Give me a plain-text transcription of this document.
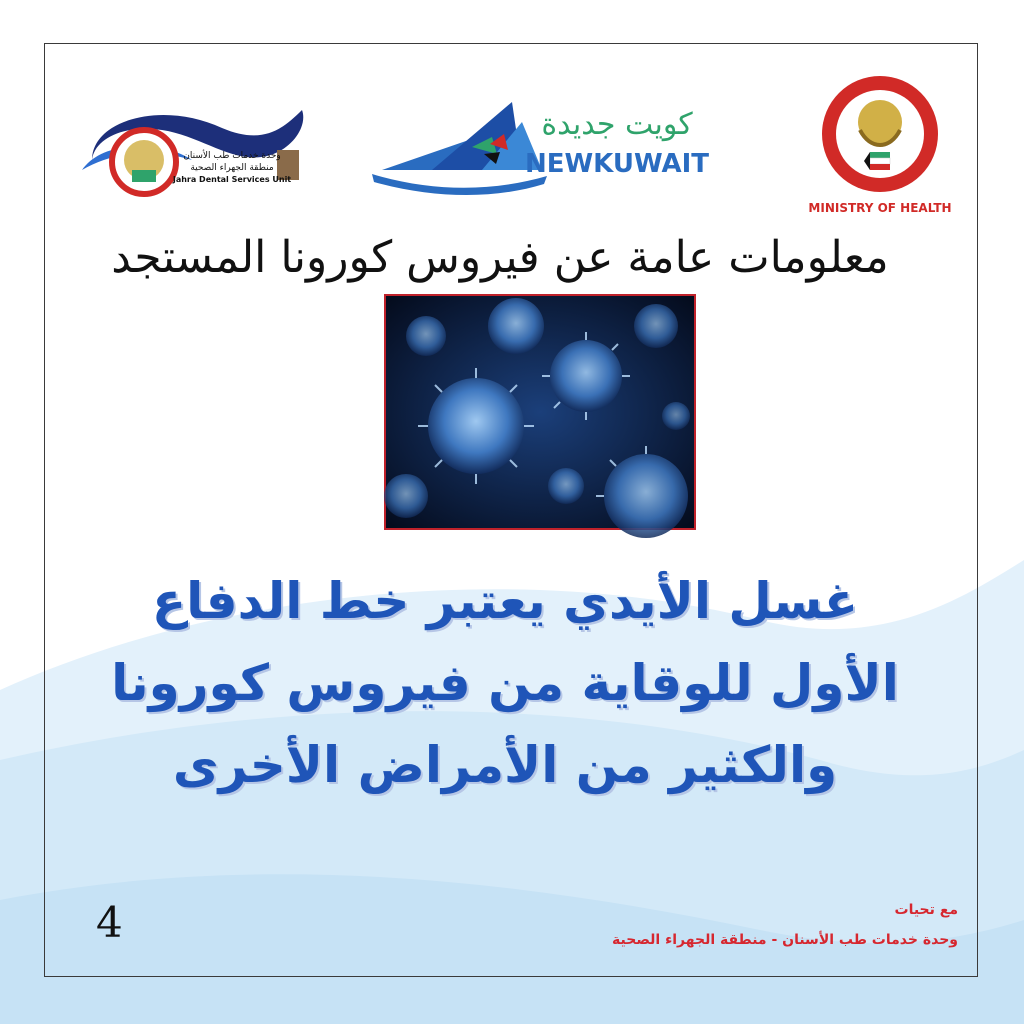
وحدة خدمات طب الأسنان
منطقة الجهراء الصحية
Jahra Dental Services Unit
كويت جديدة
NEWKUWAIT
MINISTRY OF HEALTH
معلومات عامة عن فيروس كورونا المستجد
غسل الأيدي يعتبر خط الدفاع
الأول للوقاية من فيروس كورونا
والكثير من الأمراض الأخرى
4	مع تحيات
وحدة خدمات طب الأسنان - منطقة الجهراء الصحية
